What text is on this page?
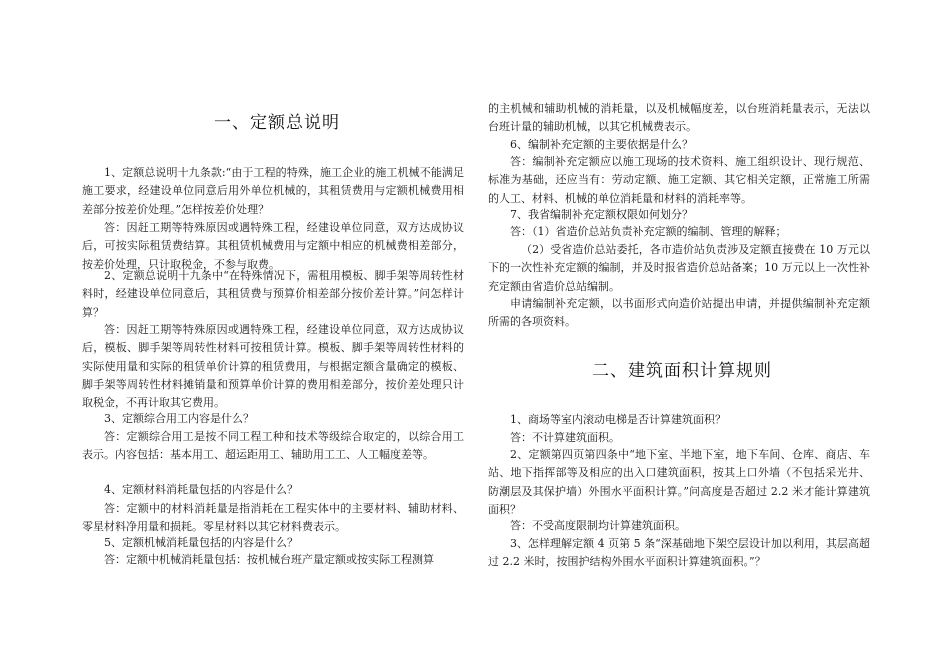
一、定额总说明

1、定额总说明十九条款:“由于工程的特殊，施工企业的施工机械不能满足施工要求，经建设单位同意后用外单位机械的，其租赁费用与定额机械费用相差部分按差价处理。”怎样按差价处理？

答：因赶工期等特殊原因或遇特殊工程，经建设单位同意，双方达成协议后，可按实际租赁费结算。其租赁机械费用与定额中相应的机械费相差部分，按差价处理，只计取税金，不参与取费。

2、定额总说明十九条中“在特殊情况下，需租用模板、脚手架等周转性材料时，经建设单位同意后，其租赁费与预算价相差部分按价差计算。”问怎样计算？

答：因赶工期等特殊原因或遇特殊工程，经建设单位同意，双方达成协议后，模板、脚手架等周转性材料可按租赁计算。模板、脚手架等周转性材料的实际使用量和实际的租赁单价计算的租赁费用，与根据定额含量确定的模板、脚手架等周转性材料摊销量和预算单价计算的费用相差部分，按价差处理只计取税金，不再计取其它费用。

3、定额综合用工内容是什么？

答：定额综合用工是按不同工程工种和技术等级综合取定的，以综合用工表示。内容包括：基本用工、超运距用工、辅助用工工、人工幅度差等。

4、定额材料消耗量包括的内容是什么？

答：定额中的材料消耗量是指消耗在工程实体中的主要材料、辅助材料、零星材料净用量和损耗。零星材料以其它材料费表示。

5、定额机械消耗量包括的内容是什么？

答：定额中机械消耗量包括：按机械台班产量定额或按实际工程测算

的主机械和辅助机械的消耗量，以及机械幅度差，以台班消耗量表示，无法以台班计量的辅助机械，以其它机械费表示。

6、编制补充定额的主要依据是什么？

答：编制补充定额应以施工现场的技术资料、施工组织设计、现行规范、标准为基础，还应当有：劳动定额、施工定额、其它相关定额，正常施工所需的人工、材料、机械的单位消耗量和材料的消耗率等。

7、我省编制补充定额权限如何划分？

答：（1）省造价总站负责补充定额的编制、管理的解释；

（2）受省造价总站委托，各市造价站负责涉及定额直接费在 10 万元以下的一次性补充定额的编制，并及时报省造价总站备案；10 万元以上一次性补充定额由省造价总站编制。

申请编制补充定额，以书面形式向造价站提出申请，并提供编制补充定额所需的各项资料。

二、建筑面积计算规则

1、商场等室内滚动电梯是否计算建筑面积？

答：不计算建筑面积。

2、定额第四页第四条中“地下室、半地下室，地下车间、仓库、商店、车站、地下指挥部等及相应的出入口建筑面积，按其上口外墙（不包括采光井、防潮层及其保护墙）外围水平面积计算。”问高度是否超过 2.2 米才能计算建筑面积？

答：不受高度限制均计算建筑面积。

3、怎样理解定额 4 页第 5 条“深基础地下架空层设计加以利用，其层高超过 2.2 米时，按围护结构外围水平面积计算建筑面积。”？
